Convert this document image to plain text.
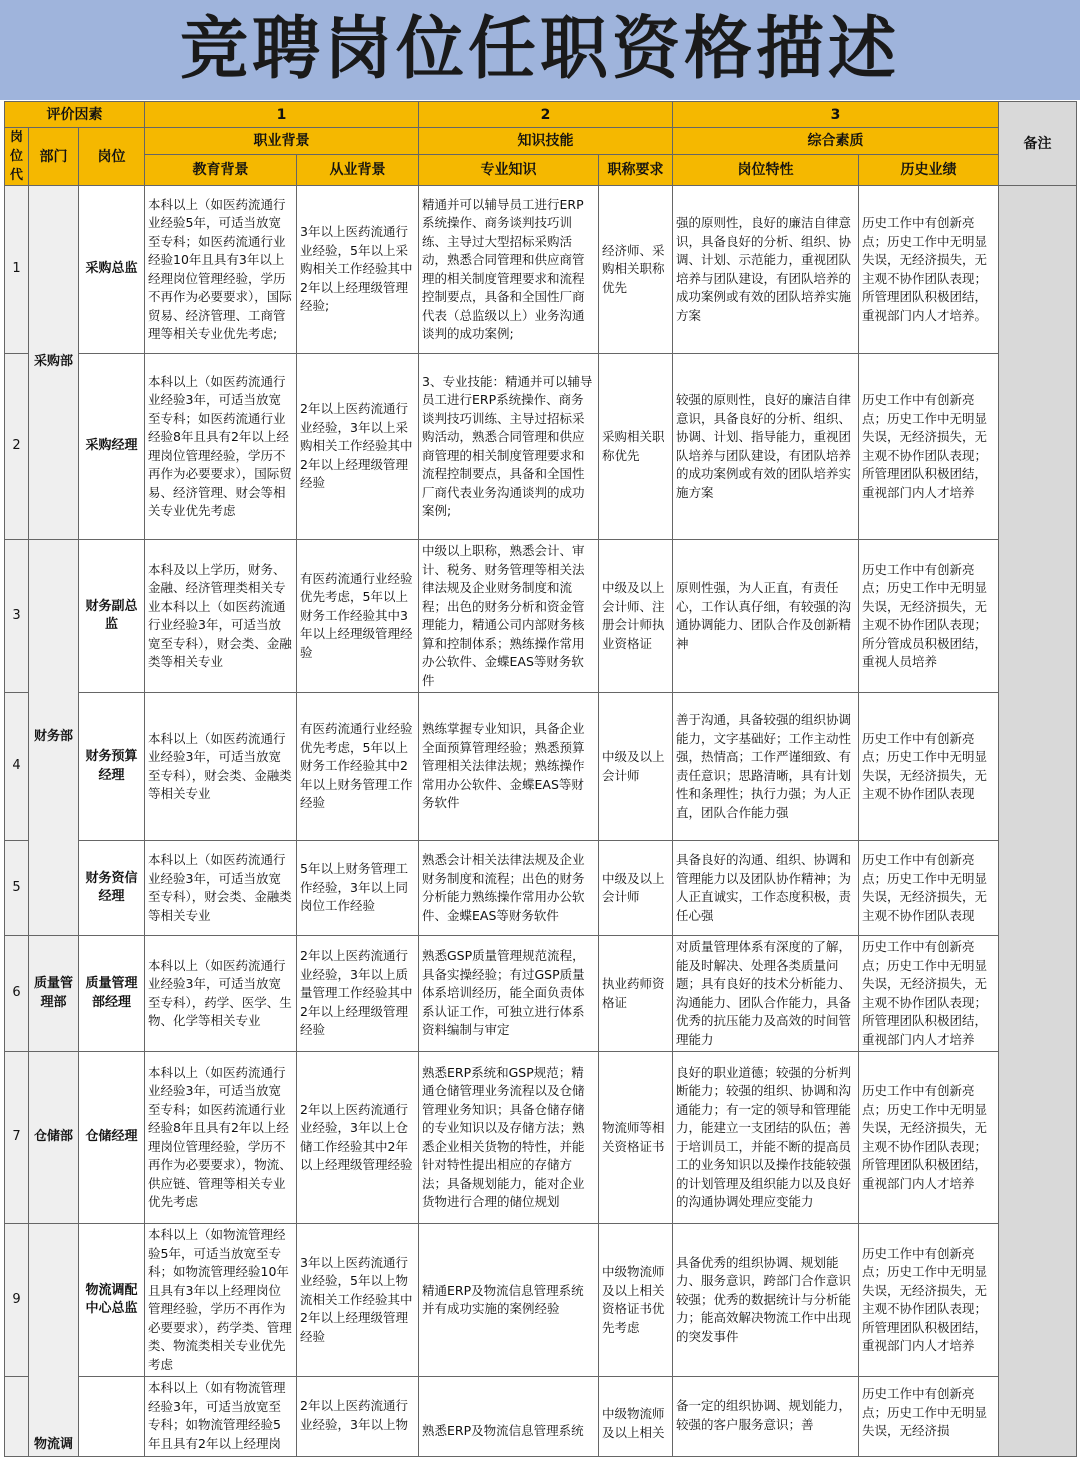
竞聘岗位任职资格描述
评价因素			1		2		3		备注
岗位代	部门	岗位	职业背景		知识技能		综合素质		
			教育背景	从业背景	专业知识	职称要求	岗位特性	历史业绩	
1	采购部	采购总监	本科以上（如医药流通行业经验5年，可适当放宽至专科；如医药流通行业经验10年且具有3年以上经理岗位管理经验，学历不再作为必要要求），国际贸易、经济管理、工商管理等相关专业优先考虑;	3年以上医药流通行业经验，5年以上采购相关工作经验其中2年以上经理级管理经验;	精通并可以辅导员工进行ERP系统操作、商务谈判技巧训练、主导过大型招标采购活动，熟悉合同管理和供应商管理的相关制度管理要求和流程控制要点，具备和全国性厂商代表（总监级以上）业务沟通谈判的成功案例;	经济师、采购相关职称优先	强的原则性，良好的廉洁自律意识，具备良好的分析、组织、协调、计划、示范能力，重视团队培养与团队建设，有团队培养的成功案例或有效的团队培养实施方案	历史工作中有创新亮点；历史工作中无明显失误，无经济损失，无主观不协作团队表现；所管理团队积极团结，重视部门内人才培养。	
2		采购经理	本科以上（如医药流通行业经验3年，可适当放宽至专科；如医药流通行业经验8年且具有2年以上经理岗位管理经验，学历不再作为必要要求），国际贸易、经济管理、财会等相关专业优先考虑	2年以上医药流通行业经验，3年以上采购相关工作经验其中2年以上经理级管理经验	3、专业技能：精通并可以辅导员工进行ERP系统操作、商务谈判技巧训练、主导过招标采购活动，熟悉合同管理和供应商管理的相关制度管理要求和流程控制要点，具备和全国性厂商代表业务沟通谈判的成功案例;	采购相关职称优先	较强的原则性，良好的廉洁自律意识，具备良好的分析、组织、协调、计划、指导能力，重视团队培养与团队建设，有团队培养的成功案例或有效的团队培养实施方案	历史工作中有创新亮点；历史工作中无明显失误，无经济损失，无主观不协作团队表现；所管理团队积极团结，重视部门内人才培养	
3	财务部	财务副总监	本科及以上学历，财务、金融、经济管理类相关专业本科以上（如医药流通行业经验3年，可适当放宽至专科），财会类、金融类等相关专业	有医药流通行业经验优先考虑，5年以上财务工作经验其中3年以上经理级管理经验	中级以上职称，熟悉会计、审计、税务、财务管理等相关法律法规及企业财务制度和流程；出色的财务分析和资金管理能力，精通公司内部财务核算和控制体系；熟练操作常用办公软件、金蝶EAS等财务软件	中级及以上会计师、注册会计师执业资格证	原则性强，为人正直，有责任心，工作认真仔细，有较强的沟通协调能力、团队合作及创新精神	历史工作中有创新亮点；历史工作中无明显失误，无经济损失，无主观不协作团队表现；所分管成员积极团结，重视人员培养	
4		财务预算经理	本科以上（如医药流通行业经验3年，可适当放宽至专科），财会类、金融类等相关专业	有医药流通行业经验优先考虑，5年以上财务工作经验其中2年以上财务管理工作经验	熟练掌握专业知识，具备企业全面预算管理经验；熟悉预算管理相关法律法规；熟练操作常用办公软件、金蝶EAS等财务软件	中级及以上会计师	善于沟通，具备较强的组织协调能力，文字基础好；工作主动性强，热情高；工作严谨细致、有责任意识；思路清晰，具有计划性和条理性；执行力强；为人正直，团队合作能力强	历史工作中有创新亮点；历史工作中无明显失误，无经济损失，无主观不协作团队表现	
5		财务资信经理	本科以上（如医药流通行业经验3年，可适当放宽至专科），财会类、金融类等相关专业	5年以上财务管理工作经验，3年以上同岗位工作经验	熟悉会计相关法律法规及企业财务制度和流程；出色的财务分析能力熟练操作常用办公软件、金蝶EAS等财务软件	中级及以上会计师	具备良好的沟通、组织、协调和管理能力以及团队协作精神；为人正直诚实，工作态度积极，责任心强	历史工作中有创新亮点；历史工作中无明显失误，无经济损失，无主观不协作团队表现	
6	质量管理部	质量管理部经理	本科以上（如医药流通行业经验3年，可适当放宽至专科），药学、医学、生物、化学等相关专业	2年以上医药流通行业经验，3年以上质量管理工作经验其中2年以上经理级管理经验	熟悉GSP质量管理规范流程，具备实操经验；有过GSP质量体系培训经历，能全面负责体系认证工作，可独立进行体系资料编制与审定	执业药师资格证	对质量管理体系有深度的了解，能及时解决、处理各类质量问题；具有良好的技术分析能力、沟通能力、团队合作能力，具备优秀的抗压能力及高效的时间管理能力	历史工作中有创新亮点；历史工作中无明显失误，无经济损失，无主观不协作团队表现；所管理团队积极团结，重视部门内人才培养	
7	仓储部	仓储经理	本科以上（如医药流通行业经验3年，可适当放宽至专科；如医药流通行业经验8年且具有2年以上经理岗位管理经验，学历不再作为必要要求），物流、供应链、管理等相关专业优先考虑	2年以上医药流通行业经验，3年以上仓储工作经验其中2年以上经理级管理经验	熟悉ERP系统和GSP规范；精通仓储管理业务流程以及仓储管理业务知识；具备仓储存储的专业知识以及存储方法；熟悉企业相关货物的特性，并能针对特性提出相应的存储方法；具备规划能力，能对企业货物进行合理的储位规划	物流师等相关资格证书	良好的职业道德；较强的分析判断能力；较强的组织、协调和沟通能力；有一定的领导和管理能力，能建立一支团结的队伍；善于培训员工，并能不断的提高员工的业务知识以及操作技能较强的计划管理及组织能力以及良好的沟通协调处理应变能力	历史工作中有创新亮点；历史工作中无明显失误，无经济损失，无主观不协作团队表现；所管理团队积极团结，重视部门内人才培养	
9	物流调	物流调配中心总监	本科以上（如物流管理经验5年，可适当放宽至专科；如物流管理经验10年且具有3年以上经理岗位管理经验，学历不再作为必要要求），药学类、管理类、物流类相关专业优先考虑	3年以上医药流通行业经验，5年以上物流相关工作经验其中2年以上经理级管理经验	精通ERP及物流信息管理系统并有成功实施的案例经验	中级物流师及以上相关资格证书优先考虑	具备优秀的组织协调、规划能力、服务意识，跨部门合作意识较强；优秀的数据统计与分析能力；能高效解决物流工作中出现的突发事件	历史工作中有创新亮点；历史工作中无明显失误，无经济损失，无主观不协作团队表现；所管理团队积极团结，重视部门内人才培养	
			本科以上（如有物流管理经验3年，可适当放宽至专科；如物流管理经验5年且具有2年以上经理岗	2年以上医药流通行业经验，3年以上物	熟悉ERP及物流信息管理系统	中级物流师及以上相关	备一定的组织协调、规划能力，较强的客户服务意识；善	历史工作中有创新亮点；历史工作中无明显失误，无经济损	
